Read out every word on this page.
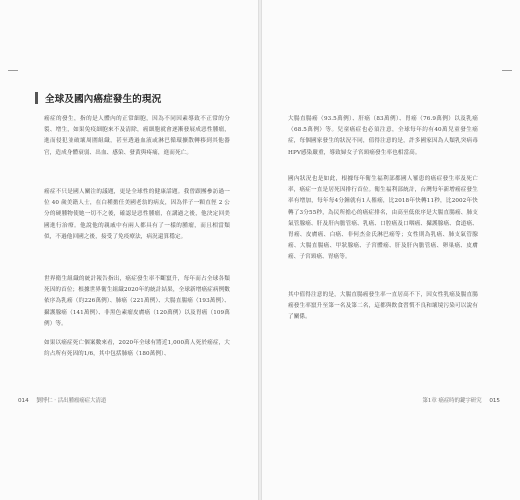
全球及國內癌症發生的現況
癌症的發生，指的是人體內的正常細胞，因為不同因素導致不正常的分裂、增生，如果免疫細胞來不及清除，癌細胞就會逐漸發展成惡性腫瘤，進而侵犯並破壞周圍組織，甚至透過血液或淋巴循環擴散轉移到其他器官，造成身體衰弱、出血、感染、發黃與疼痛，進而死亡。
癌症不只是國人關注的議題，更是全球性的健康話題。我曾跟團參訪過一位 40 歲美籍人士，在白種擔任美國老翁的病友，因為伴子一顆直徑 2 公分的硬腫物使她一切不之後，確認是惡性腫瘤，在講過之後，他決定回美國進行治療。他說他的親戚中有兩人都具有了一樣的腫瘤，而且相當類似，不過他回國之後，接受了免疫療法，病況還算穩定。
世界衛生組織的統計報告指出，癌症發生率不斷竄升，每年而占全球各類死因的首位；根據世界衛生組織2020年的統計結果，全球新增癌症病例數依序為乳癌（約226萬例）、肺癌（221萬例）、大腸直腸癌（193萬例）、攝護腺癌（141萬例）、非黑色素瘤皮膚癌（120萬例）以及胃癌（109萬例）等。
如果以癌症死亡個案數來看，2020年全球有將近1,000萬人死於癌症，大約占所有死因的1/6，其中包括肺癌（180萬例）、
014 劉博仁 · 活出腫瘤癌症大清道
大腸直腸癌（93.5萬例）、肝癌（83萬例）、胃癌（76.9萬例）以及乳癌（68.5萬例）等。兒童癌症也必須注意，全球每年約有40萬兒童發生癌症，每個國家發生的狀況不同，值得注意的是，許多國家因為人類乳突病毒HPV感染嚴重，導致婦女子宮頸癌發生率也相當高。
國內狀況也是如此，根據每年衛生福利部都國人罹患的癌症發生率及死亡率，癌症一直是居死因排行首位。衛生福利部統計，台灣每年新增癌症發生率有增加，每年每4分鐘就有1人罹癌，比2018年快轉11秒，比2002年快轉了3分55秒，為民所擔心的癌症排名，由高至低依序是大腸直腸癌、肺支氣管腺癌、肝及肝內膽管癌、乳癌、口腔癌及口咽癌、攝護腺癌、食道癌、胃癌、皮膚癌、白癌、非何杰金氏淋巴癌等；女性則為乳癌、肺支氣管腺癌、大腸直腸癌、甲狀腺癌、子宮體癌、肝及肝內膽管癌、卵巢癌、皮膚癌、子宮頸癌、胃癌等。
其中值得注意的是，大腸直腸癌發生率一直居高不下，因女性乳癌及腸直腸癌發生率竄升至第一名及第二名，這都與飲食習慣不良和壞境污染可以說有了關係。
第1章 癌症時的鍵字研究 015
